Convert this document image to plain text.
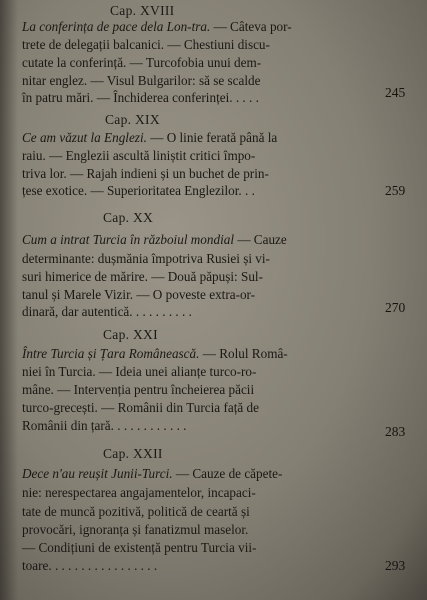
Cap. XVIII
La conferința de pace dela Lon-tra. — Câteva por-
trete de delegații balcanici. — Chestiuni discu-
cutate la conferință. — Turcofobia unui dem-
nitar englez. — Visul Bulgarilor: să se scalde
în patru mări. — Închiderea conferinței. . . . .	245
Cap. XIX
Ce am văzut la Englezi. — O linie ferată până la
raiu. — Englezii ascultă liniștit critici împo-
triva lor. — Rajah indieni și un buchet de prin-
țese exotice. — Superioritatea Englezilor. . .	259
Cap. XX
Cum a intrat Turcia în războiul mondial — Cauze
determinante: dușmănia împotriva Rusiei și vi-
suri himerice de mărire. — Două păpuși: Sul-
tanul și Marele Vizir. — O poveste extra-or-
dinară, dar autentică. . . . . . . . . .	270
Cap. XXI
Între Turcia și Țara Românească. — Rolul Româ-
niei în Turcia. — Ideia unei alianțe turco-ro-
mâne. — Intervenția pentru încheierea păcii
turco-grecești. — Românii din Turcia față de
Românii din țară. . . . . . . . . . . .	283
Cap. XXII
Dece n'au reușit Junii-Turci. — Cauze de căpete-
nie: nerespectarea angajamentelor, incapaci-
tate de muncă pozitivă, politică de ceartă și
provocări, ignoranța și fanatizmul maselor.
— Condițiuni de existență pentru Turcia vii-
toare. . . . . . . . . . . . . . . . .	293
